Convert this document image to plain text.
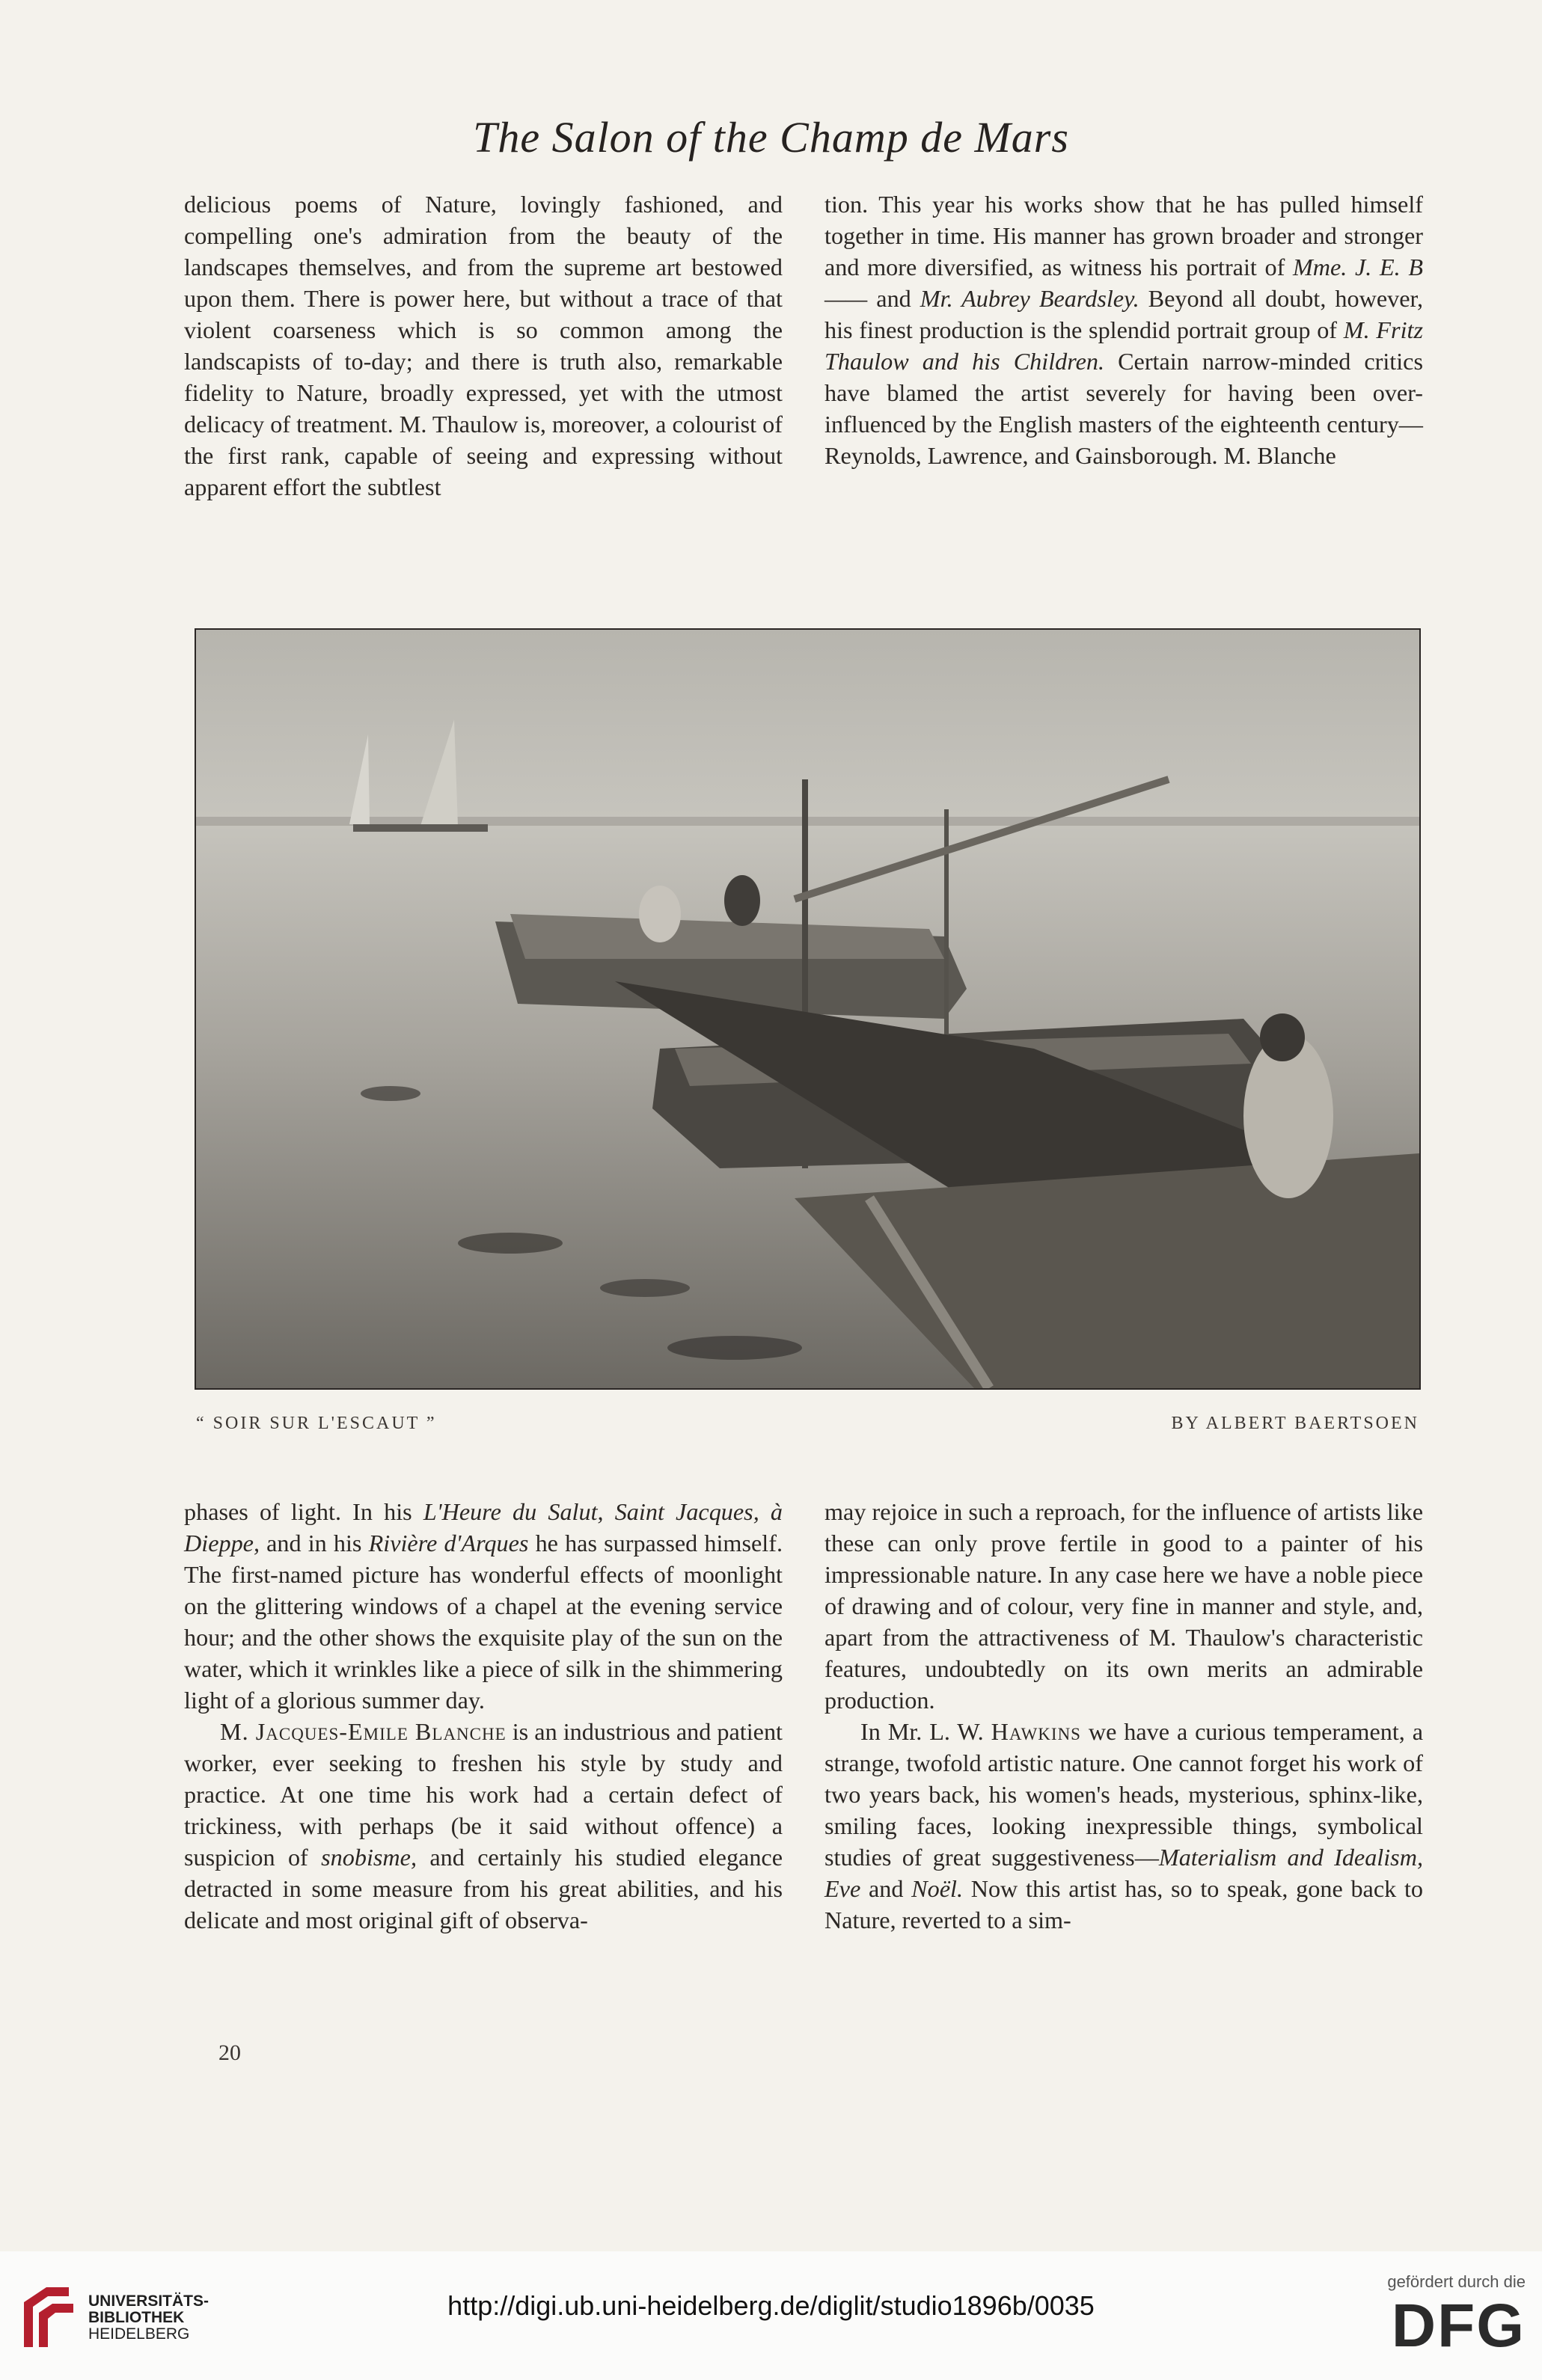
The Salon of the Champ de Mars

delicious poems of Nature, lovingly fashioned, and compelling one's admiration from the beauty of the landscapes themselves, and from the supreme art bestowed upon them. There is power here, but without a trace of that violent coarseness which is so common among the landscapists of to-day; and there is truth also, remarkable fidelity to Nature, broadly expressed, yet with the utmost delicacy of treatment. M. Thaulow is, moreover, a colourist of the first rank, capable of seeing and expressing without apparent effort the subtlest

tion. This year his works show that he has pulled himself together in time. His manner has grown broader and stronger and more diversified, as witness his portrait of Mme. J. E. B—— and Mr. Aubrey Beardsley. Beyond all doubt, however, his finest production is the splendid portrait group of M. Fritz Thaulow and his Children. Certain narrow-minded critics have blamed the artist severely for having been over-influenced by the English masters of the eighteenth century—Reynolds, Lawrence, and Gainsborough. M. Blanche

“ SOIR SUR L'ESCAUT ”	BY ALBERT BAERTSOEN

phases of light. In his L'Heure du Salut, Saint Jacques, à Dieppe, and in his Rivière d'Arques he has surpassed himself. The first-named picture has wonderful effects of moonlight on the glittering windows of a chapel at the evening service hour; and the other shows the exquisite play of the sun on the water, which it wrinkles like a piece of silk in the shimmering light of a glorious summer day.

M. Jacques-Emile Blanche is an industrious and patient worker, ever seeking to freshen his style by study and practice. At one time his work had a certain defect of trickiness, with perhaps (be it said without offence) a suspicion of snobisme, and certainly his studied elegance detracted in some measure from his great abilities, and his delicate and most original gift of observa-

may rejoice in such a reproach, for the influence of artists like these can only prove fertile in good to a painter of his impressionable nature. In any case here we have a noble piece of drawing and of colour, very fine in manner and style, and, apart from the attractiveness of M. Thaulow's characteristic features, undoubtedly on its own merits an admirable production.

In Mr. L. W. Hawkins we have a curious temperament, a strange, twofold artistic nature. One cannot forget his work of two years back, his women's heads, mysterious, sphinx-like, smiling faces, looking inexpressible things, symbolical studies of great suggestiveness—Materialism and Idealism, Eve and Noël. Now this artist has, so to speak, gone back to Nature, reverted to a sim-

20
UNIVERSITÄTS-
BIBLIOTHEK
HEIDELBERG
http://digi.ub.uni-heidelberg.de/diglit/studio1896b/0035
gefördert durch die
DFG
